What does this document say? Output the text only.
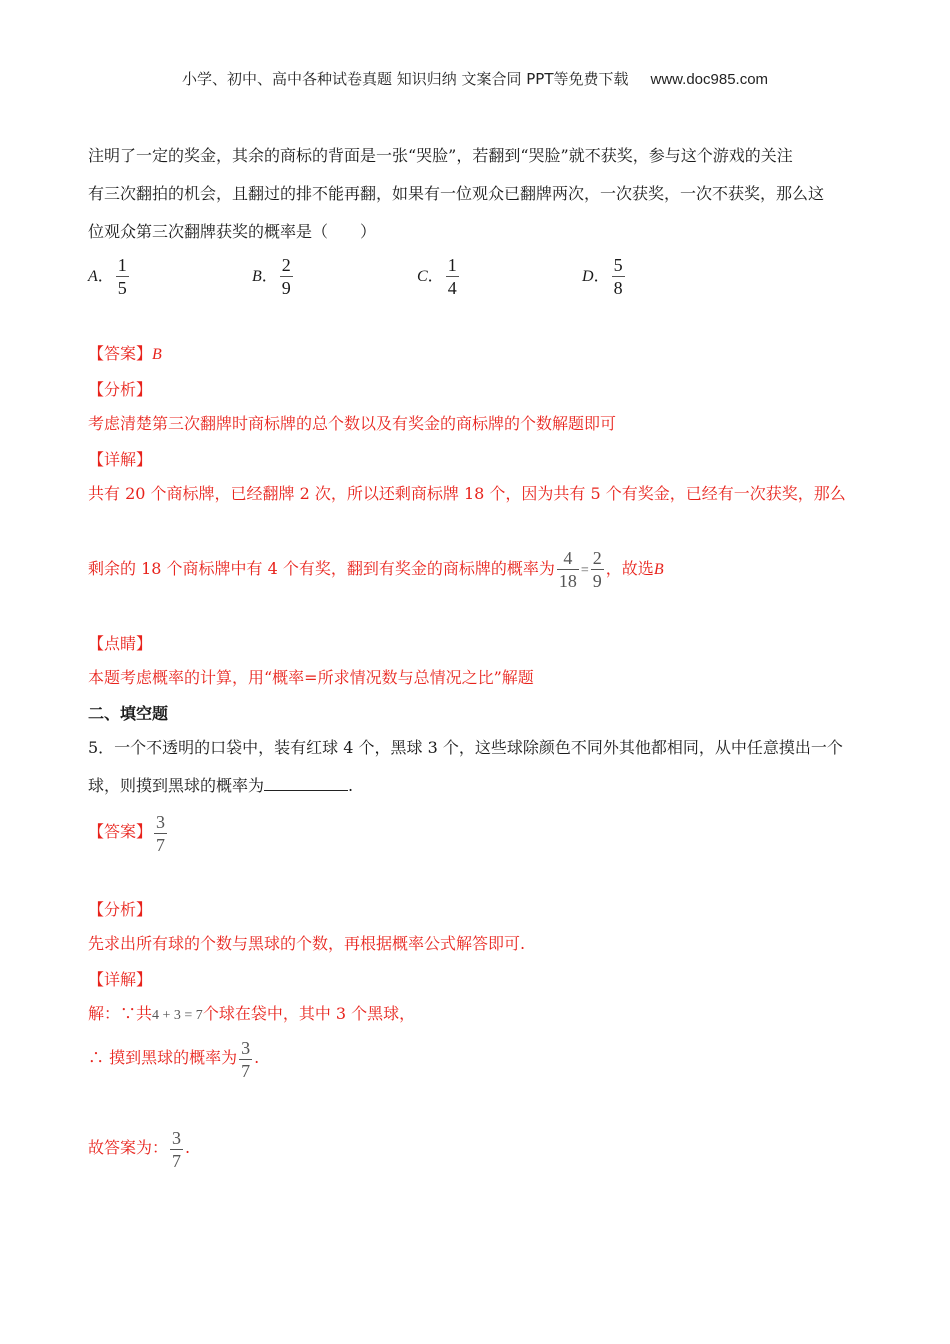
小学、初中、高中各种试卷真题 知识归纳 文案合同 PPT等免费下载 www.doc985.com
注明了一定的奖金，其余的商标的背面是一张“哭脸”，若翻到“哭脸”就不获奖，参与这个游戏的关注
有三次翻拍的机会，且翻过的排不能再翻，如果有一位观众已翻牌两次，一次获奖，一次不获奖，那么这
位观众第三次翻牌获奖的概率是（　　）
A． $\frac{1}{5}$	B． $\frac{2}{9}$	C． $\frac{1}{4}$	D． $\frac{5}{8}$
【答案】B
【分析】
考虑清楚第三次翻牌时商标牌的总个数以及有奖金的商标牌的个数解题即可
【详解】
共有 20 个商标牌，已经翻牌 2 次，所以还剩商标牌 18 个，因为共有 5 个有奖金，已经有一次获奖，那么
剩余的 18 个商标牌中有 4 个有奖，翻到有奖金的商标牌的概率为 $\frac{4}{18} = \frac{2}{9}$ ，故选B
【点睛】
本题考虑概率的计算，用“概率=所求情况数与总情况之比”解题
二、填空题
5．一个不透明的口袋中，装有红球 4 个，黑球 3 个，这些球除颜色不同外其他都相同，从中任意摸出一个
球，则摸到黑球的概率为	.
【答案】 $\frac{3}{7}$
【分析】
先求出所有球的个数与黑球的个数，再根据概率公式解答即可.
【详解】
解：∵共4 + 3 = 7个球在袋中，其中 3 个黑球，
∴ 摸到黑球的概率为 $\frac{3}{7}$ .
故答案为： $\frac{3}{7}$ .
